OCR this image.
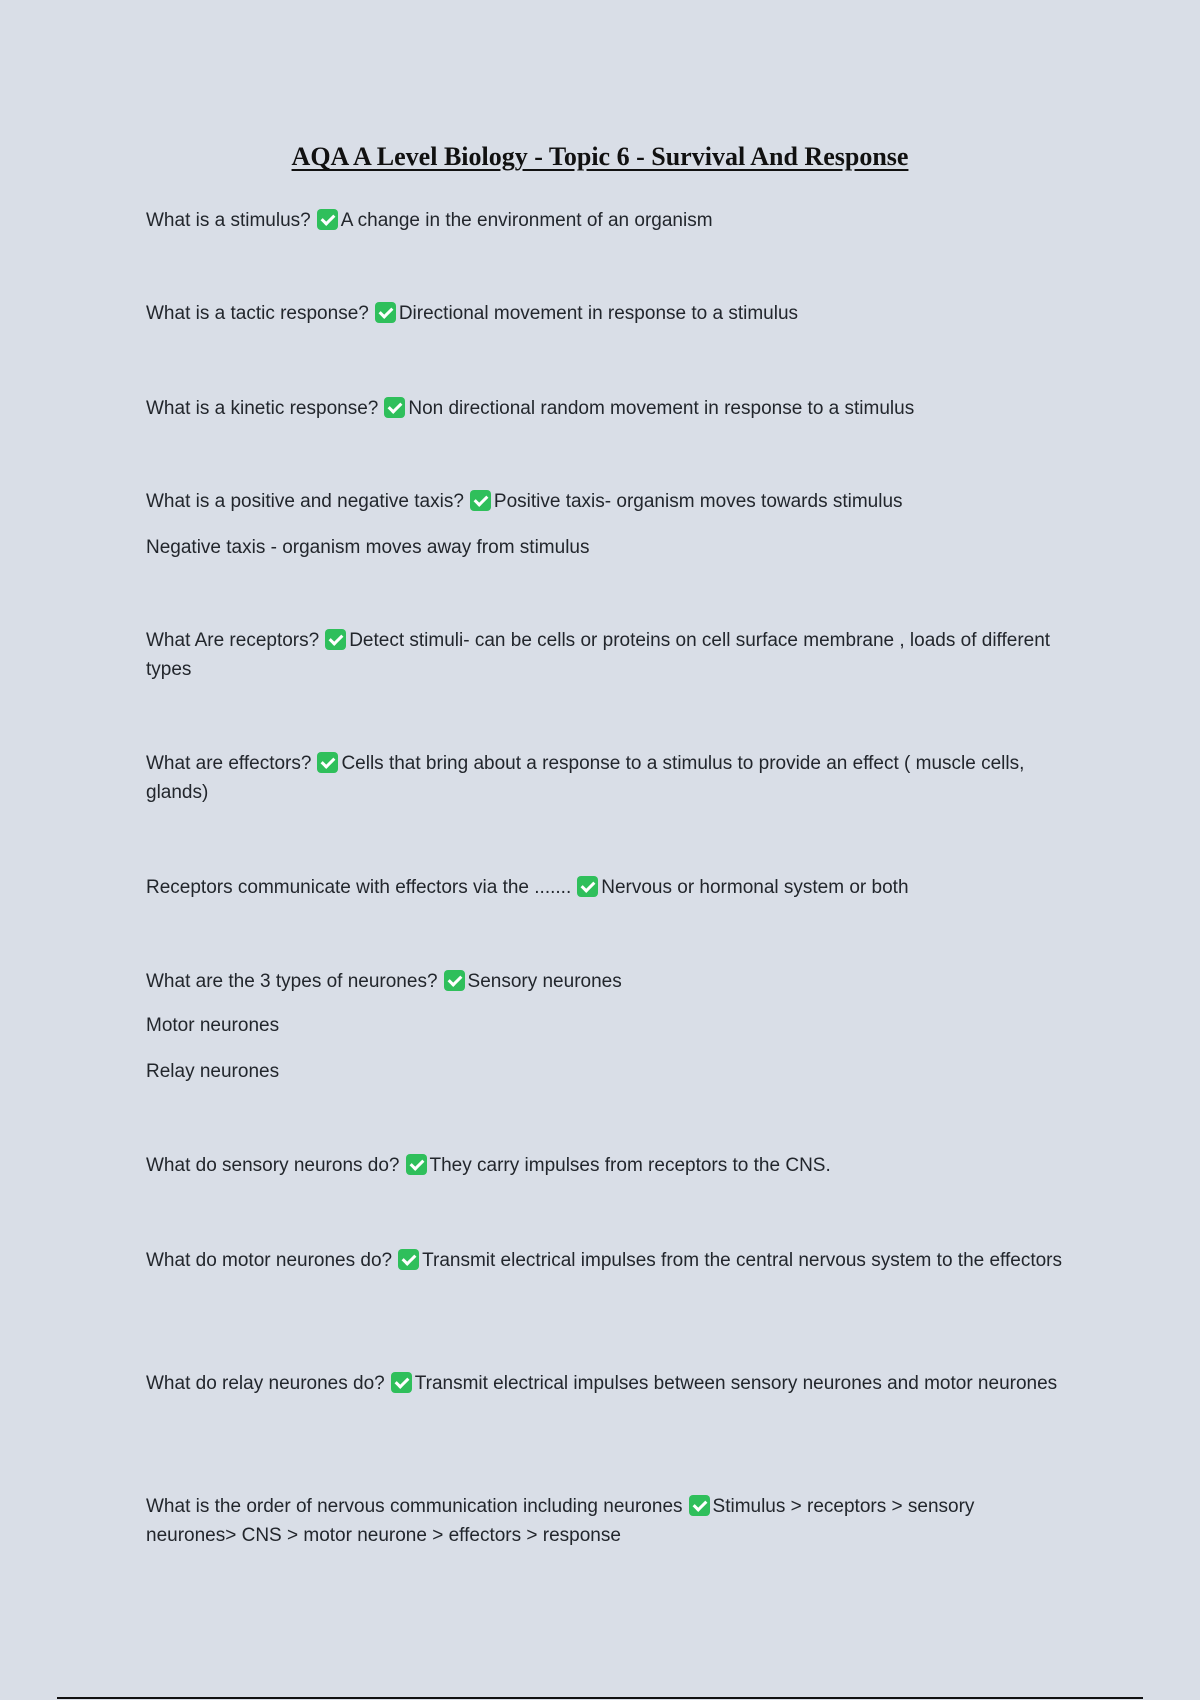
AQA A Level Biology - Topic 6 - Survival And Response
What is a stimulus? A change in the environment of an organism
What is a tactic response? Directional movement in response to a stimulus
What is a kinetic response? Non directional random movement in response to a stimulus
What is a positive and negative taxis? Positive taxis- organism moves towards stimulus
Negative taxis - organism moves away from stimulus
What Are receptors? Detect stimuli- can be cells or proteins on cell surface membrane , loads of different types
What are effectors? Cells that bring about a response to a stimulus to provide an effect ( muscle cells, glands)
Receptors communicate with effectors via the ....... Nervous or hormonal system or both
What are the 3 types of neurones? Sensory neurones
Motor neurones
Relay neurones
What do sensory neurons do? They carry impulses from receptors to the CNS.
What do motor neurones do? Transmit electrical impulses from the central nervous system to the effectors
What do relay neurones do? Transmit electrical impulses between sensory neurones and motor neurones
What is the order of nervous communication including neurones Stimulus > receptors > sensory neurones> CNS > motor neurone > effectors > response
